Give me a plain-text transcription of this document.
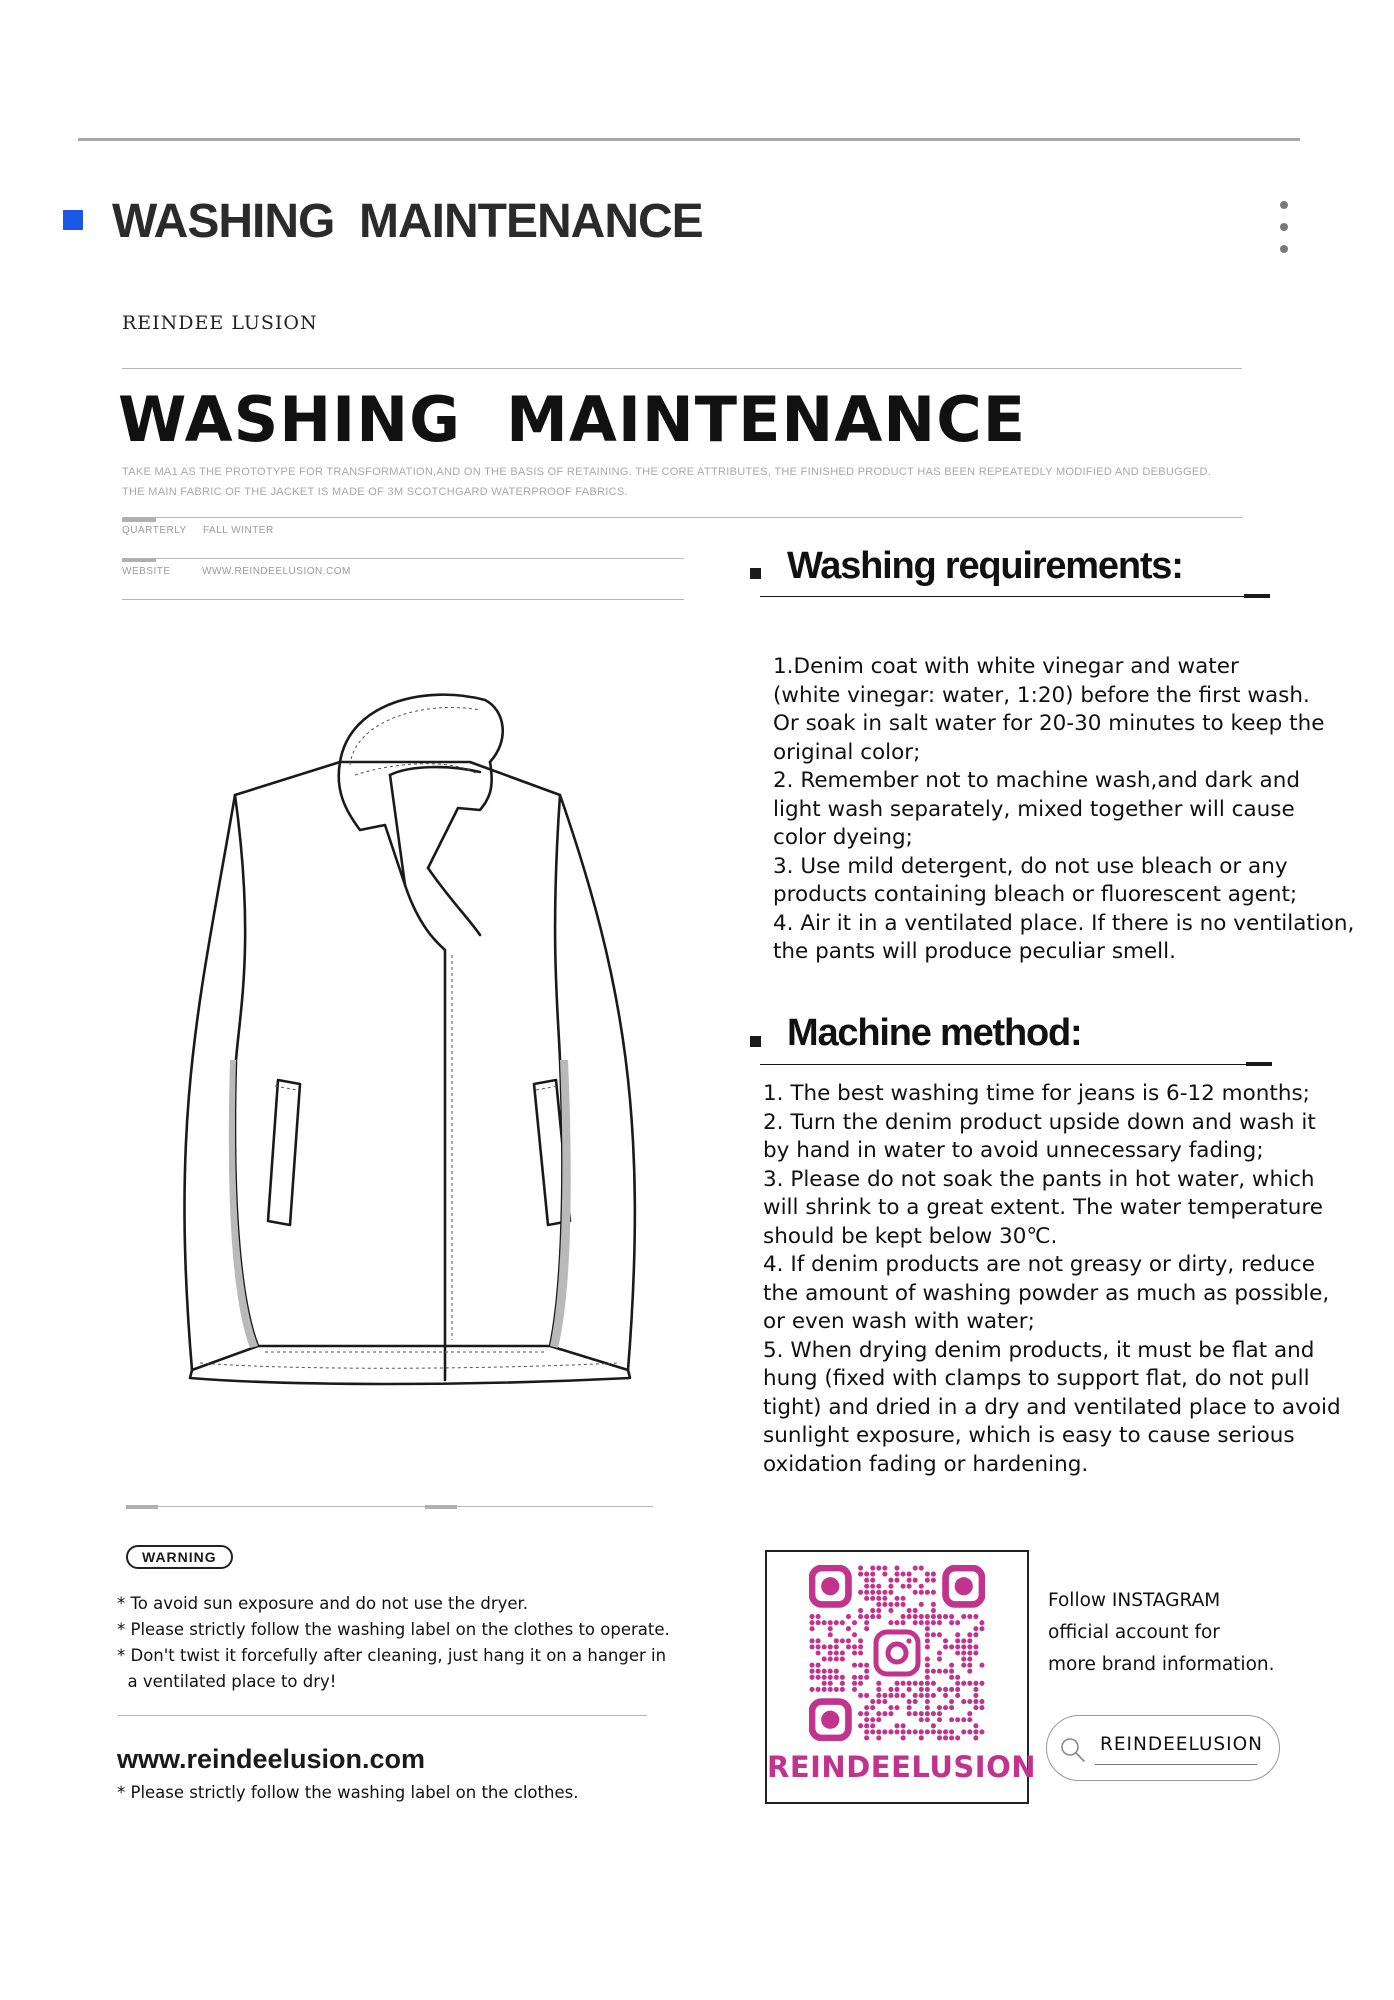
WASHING  MAINTENANCE
REINDEE LUSION
WASHING  MAINTENANCE
TAKE MA1 AS THE PROTOTYPE FOR TRANSFORMATION,AND ON THE BASIS OF RETAINING. THE CORE ATTRIBUTES, THE FINISHED PRODUCT HAS BEEN REPEATEDLY MODIFIED AND DEBUGGED.
THE MAIN FABRIC OF THE JACKET IS MADE OF 3M SCOTCHGARD WATERPROOF FABRICS.
QUARTERLY FALL WINTER
WEBSITE	WWW.REINDEELUSION.COM	Washing requirements:
1.Denim coat with white vinegar and water
(white vinegar: water, 1:20) before the first wash.
Or soak in salt water for 20-30 minutes to keep the
original color;
2. Remember not to machine wash,and dark and
light wash separately, mixed together will cause
color dyeing;
3. Use mild detergent, do not use bleach or any
products containing bleach or fluorescent agent;
4. Air it in a ventilated place. If there is no ventilation,
the pants will produce peculiar smell.
Machine method:
1. The best washing time for jeans is 6-12 months;
2. Turn the denim product upside down and wash it
by hand in water to avoid unnecessary fading;
3. Please do not soak the pants in hot water, which
will shrink to a great extent. The water temperature
should be kept below 30℃.
4. If denim products are not greasy or dirty, reduce
the amount of washing powder as much as possible,
or even wash with water;
5. When drying denim products, it must be flat and
hung (fixed with clamps to support flat, do not pull
tight) and dried in a dry and ventilated place to avoid
sunlight exposure, which is easy to cause serious
oxidation fading or hardening.
WARNING
* To avoid sun exposure and do not use the dryer.
* Please strictly follow the washing label on the clothes to operate.
* Don't twist it forcefully after cleaning, just hang it on a hanger in
a ventilated place to dry!
www.reindeelusion.com
* Please strictly follow the washing label on the clothes.
REINDEELUSION
Follow INSTAGRAM
official account for
more brand information.
REINDEELUSION
